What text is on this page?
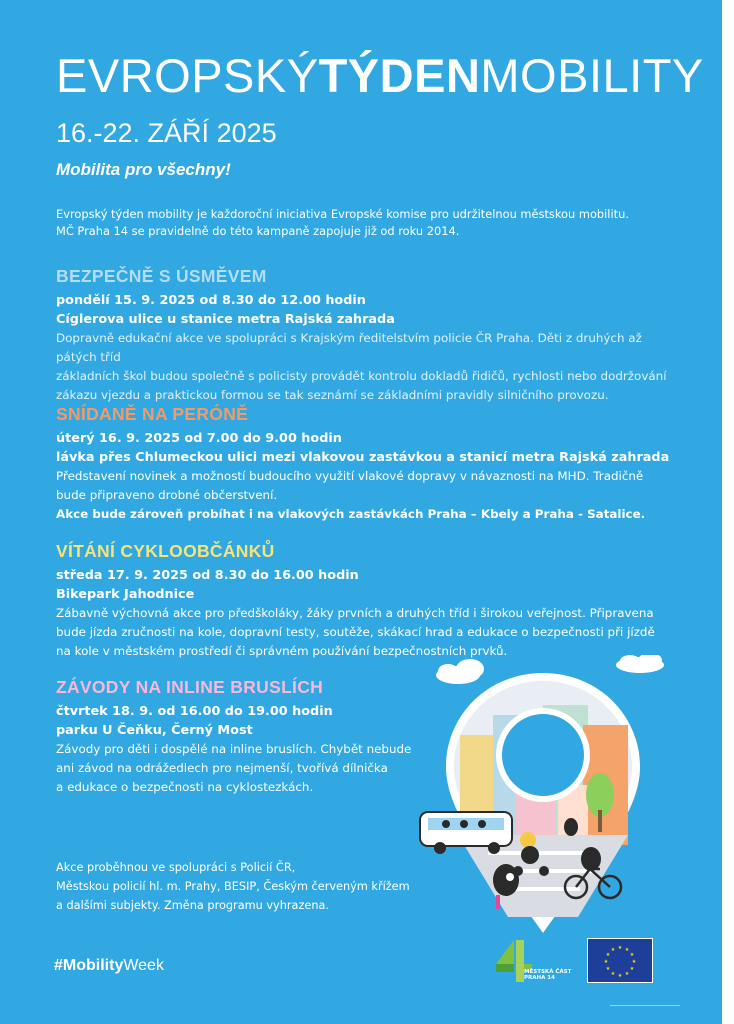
EVROPSKÝTÝDENMOBILITY
16.-22. ZÁŘÍ 2025
Mobilita pro všechny!
Evropský týden mobility je každoroční iniciativa Evropské komise pro udržitelnou městskou mobilitu.
MČ Praha 14 se pravidelně do této kampaně zapojuje již od roku 2014.
BEZPEČNĚ S ÚSMĚVEM
pondělí 15. 9. 2025 od 8.30 do 12.00 hodin
Cíglerova ulice u stanice metra Rajská zahrada
Dopravně edukační akce ve spolupráci s Krajským ředitelstvím policie ČR Praha. Děti z druhých až pátých tříd
základních škol budou společně s policisty provádět kontrolu dokladů řidičů, rychlosti nebo dodržování
zákazu vjezdu a praktickou formou se tak seznámí se základními pravidly silničního provozu.
SNÍDANĚ NA PERÓNĚ
úterý 16. 9. 2025 od 7.00 do 9.00 hodin
lávka přes Chlumeckou ulici mezi vlakovou zastávkou a stanicí metra Rajská zahrada
Představení novinek a možností budoucího využití vlakové dopravy v návaznosti na MHD. Tradičně
bude připraveno drobné občerstvení.
Akce bude zároveň probíhat i na vlakových zastávkách Praha – Kbely a Praha - Satalice.
VÍTÁNÍ CYKLOOBČÁNKŮ
středa 17. 9. 2025 od 8.30 do 16.00 hodin
Bikepark Jahodnice
Zábavně výchovná akce pro předškoláky, žáky prvních a druhých tříd i širokou veřejnost. Připravena
bude jízda zručnosti na kole, dopravní testy, soutěže, skákací hrad a edukace o bezpečnosti při jízdě
na kole v městském prostředí či správném používání bezpečnostních prvků.
ZÁVODY NA INLINE BRUSLÍCH
čtvrtek 18. 9. od 16.00 do 19.00 hodin
parku U Čeňku, Černý Most
Závody pro děti i dospělé na inline bruslích. Chybět nebude
ani závod na odrážedlech pro nejmenší, tvořívá dílnička
a edukace o bezpečnosti na cyklostezkách.
Akce proběhnou ve spolupráci s Policií ČR,
Městskou policií hl. m. Prahy, BESIP, Českým červeným křížem
a dalšími subjekty. Změna programu vyhrazena.
#MobilityWeek	MĚSTSKÁ ČÁST
PRAHA 14
★ ★
★
★
★
★
★
★
★
★
★
★
